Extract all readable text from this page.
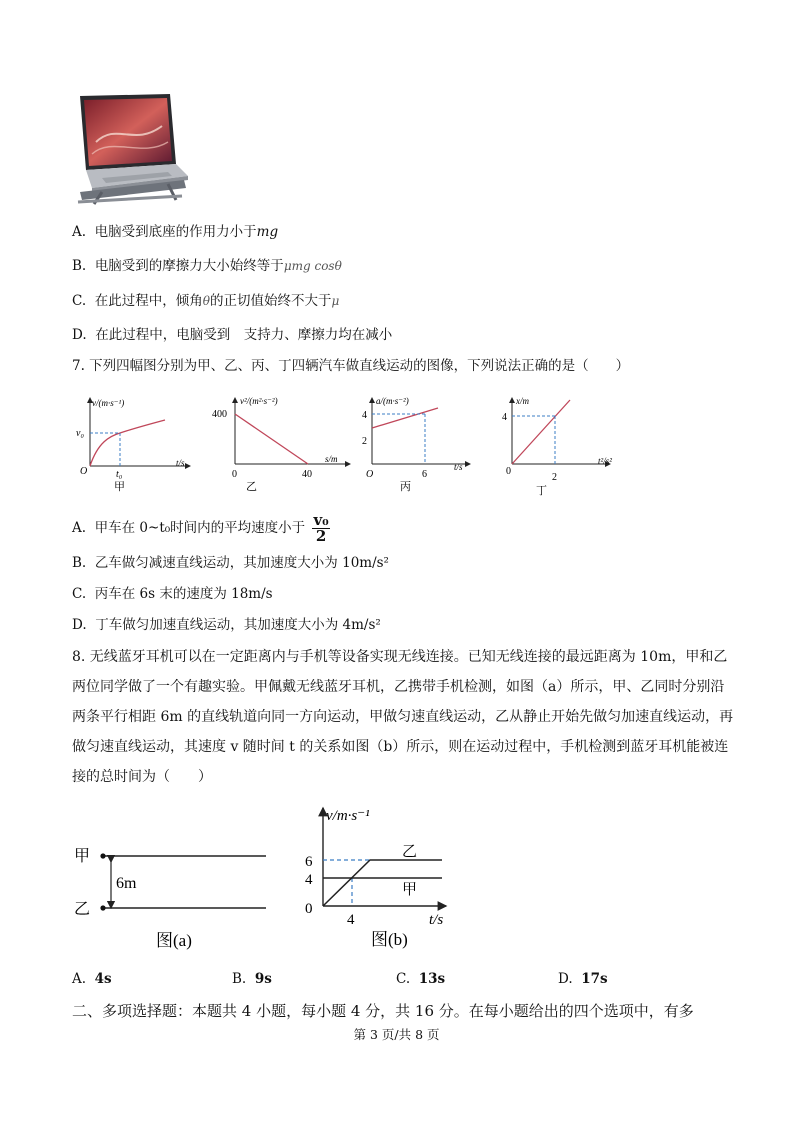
A. 电脑受到底座的作用力小于mg
B. 电脑受到的摩擦力大小始终等于μmg cosθ
C. 在此过程中，倾角θ的正切值始终不大于μ
D. 在此过程中，电脑受到　支持力、摩擦力均在减小
7. 下列四幅图分别为甲、乙、丙、丁四辆汽车做直线运动的图像，下列说法正确的是（　　）
v/(m·s⁻¹)
t/s
O
v₀
t₀
甲
v²/(m²·s⁻²)
s/m
0
400
40
乙
a/(m·s⁻²)
t/s
O
4
2
6
丙
x/m
t²/s²
0
4
2
丁
A. 甲车在 0~t₀时间内的平均速度小于 $\frac{\text{v₀}}{2}$
B. 乙车做匀减速直线运动，其加速度大小为 10m/s²
C. 丙车在 6s 末的速度为 18m/s
D. 丁车做匀加速直线运动，其加速度大小为 4m/s²
8. 无线蓝牙耳机可以在一定距离内与手机等设备实现无线连接。已知无线连接的最远距离为 10m，甲和乙
两位同学做了一个有趣实验。甲佩戴无线蓝牙耳机，乙携带手机检测，如图（a）所示，甲、乙同时分别沿
两条平行相距 6m 的直线轨道向同一方向运动，甲做匀速直线运动，乙从静止开始先做匀加速直线运动，再
做匀速直线运动，其速度 v 随时间 t 的关系如图（b）所示，则在运动过程中，手机检测到蓝牙耳机能被连
接的总时间为（　　）
甲
乙
6m
图(a)
v/m·s⁻¹
t/s
0
6
4
4
乙
甲
图(b)
A. 4s	B. 9s	C. 13s	D. 17s
二、多项选择题：本题共 4 小题，每小题 4 分，共 16 分。在每小题给出的四个选项中，有多
第 3 页/共 8 页
